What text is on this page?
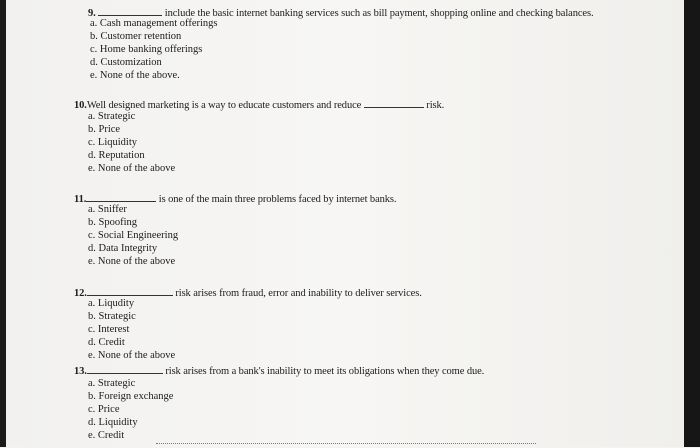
9.	include the basic internet banking services such as bill payment, shopping online and checking balances.
a. Cash management offerings
b. Customer retention
c. Home banking offerings
d. Customization
e. None of the above.
10.Well designed marketing is a way to educate customers and reduce	risk.
a. Strategic
b. Price
c. Liquidity
d. Reputation
e. None of the above
11.	is one of the main three problems faced by internet banks.
a. Sniffer
b. Spoofing
c. Social Engineering
d. Data Integrity
e. None of the above
12.	risk arises from fraud, error and inability to deliver services.
a. Liqudity
b. Strategic
c. Interest
d. Credit
e. None of the above
13.	risk arises from a bank's inability to meet its obligations when they come due.
a. Strategic
b. Foreign exchange
c. Price
d. Liquidity
e. Credit
